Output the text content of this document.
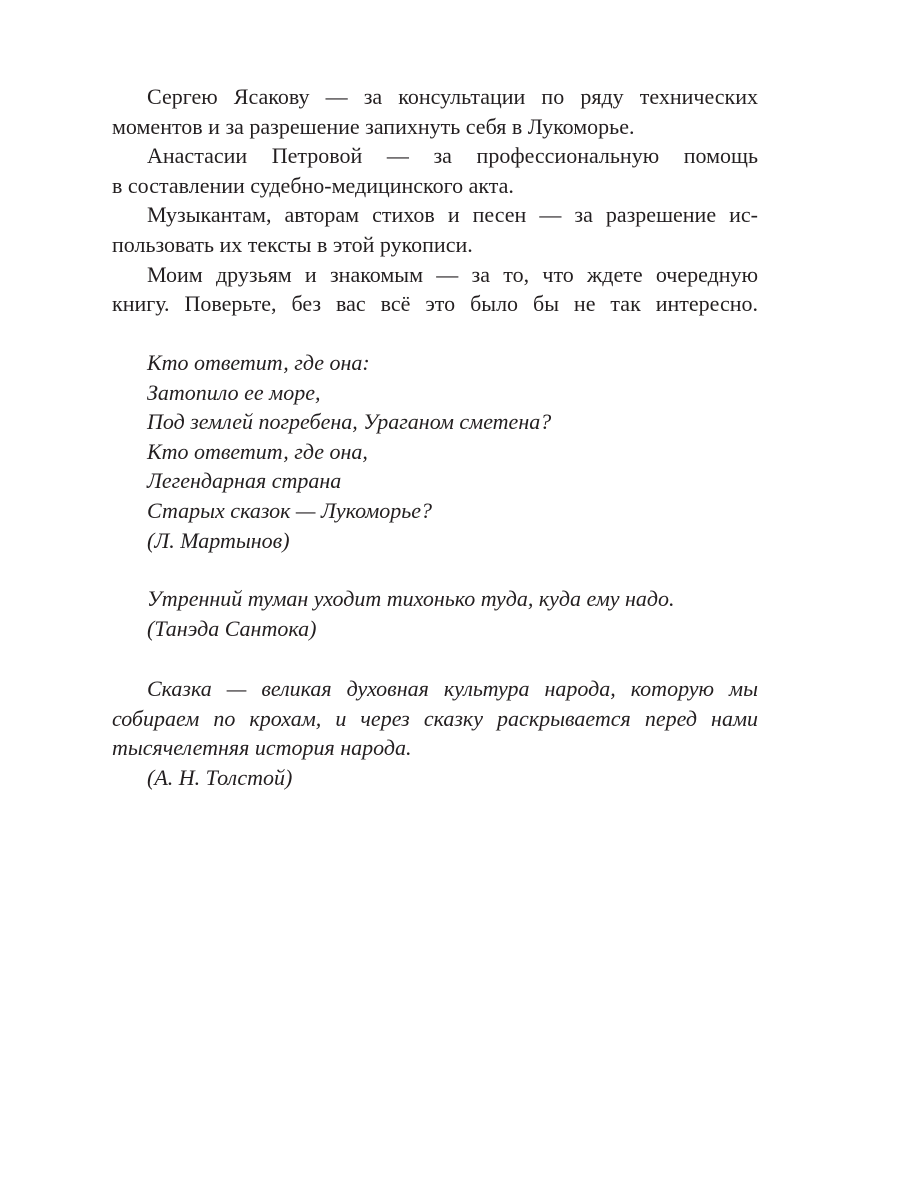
Сергею Ясакову — за консультации по ряду технических
моментов и за разрешение запихнуть себя в Лукоморье.
Анастасии Петровой — за профессиональную помощь
в составлении судебно-медицинского акта.
Музыкантам, авторам стихов и песен — за разрешение ис-
пользовать их тексты в этой рукописи.
Моим друзьям и знакомым — за то, что ждете очередную
книгу. Поверьте, без вас всё это было бы не так интересно.
Кто ответит, где она:
Затопило ее море,
Под землей погребена, Ураганом сметена?
Кто ответит, где она,
Легендарная страна
Старых сказок — Лукоморье?
(Л. Мартынов)
Утренний туман уходит тихонько туда, куда ему надо.
(Танэда Сантока)
Сказка — великая духовная культура народа, которую мы
собираем по крохам, и через сказку раскрывается перед нами
тысячелетняя история народа.
(А. Н. Толстой)
